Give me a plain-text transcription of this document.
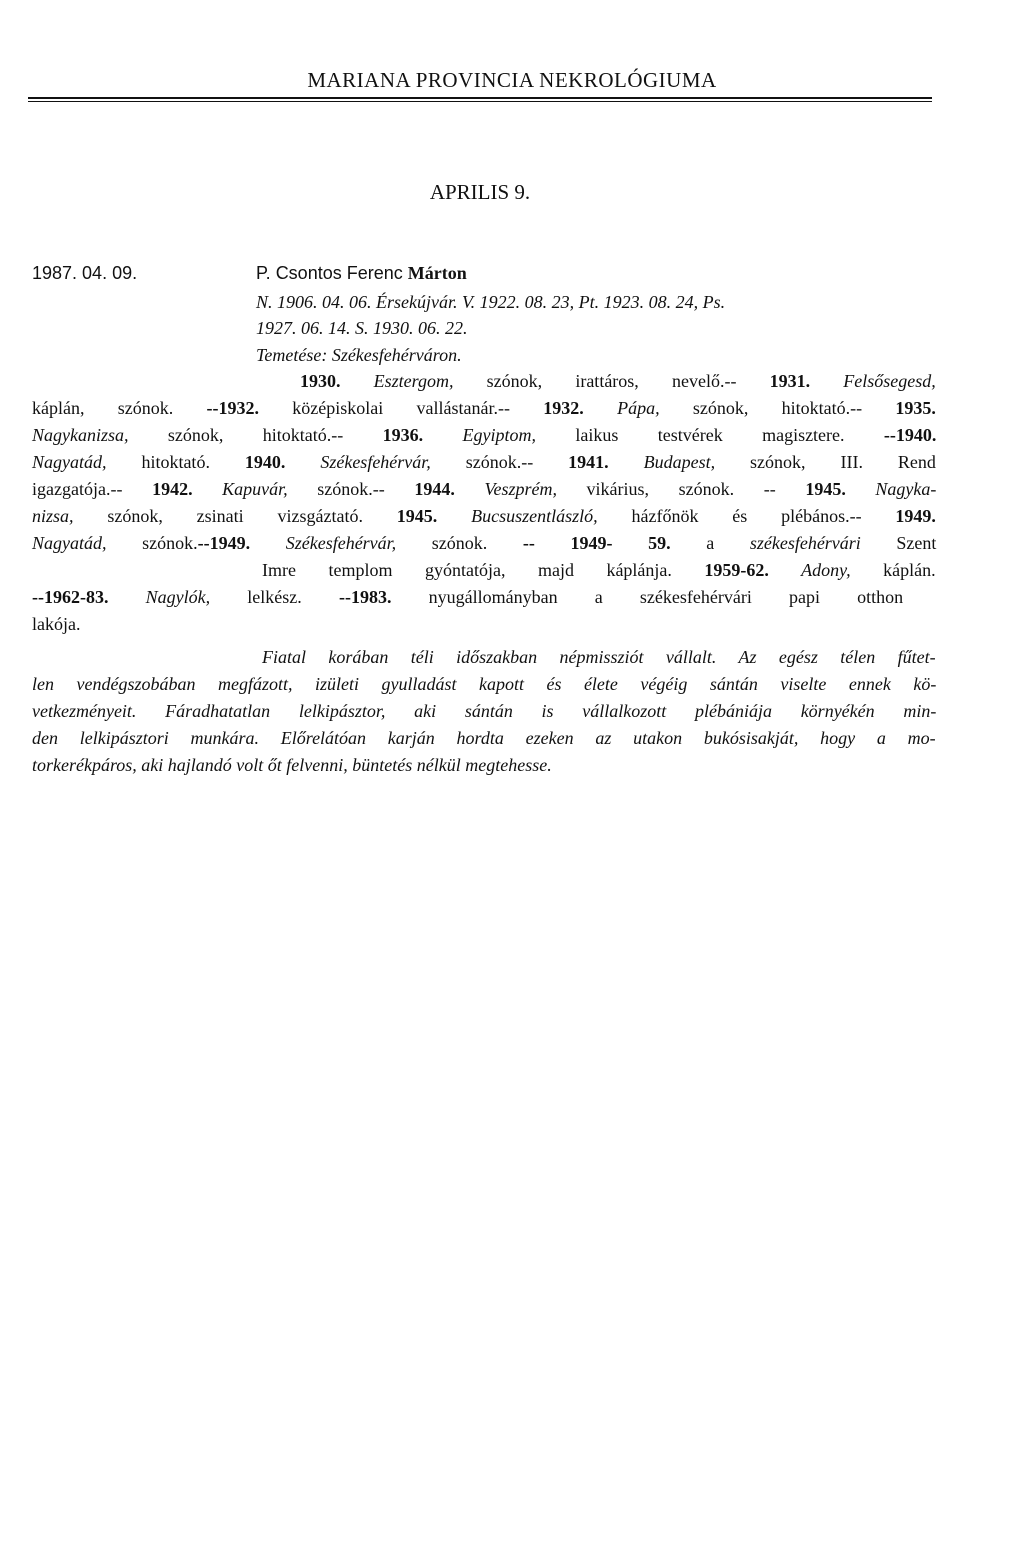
MARIANA PROVINCIA NEKROLÓGIUMA
APRILIS 9.
1987. 04. 09.	P. Csontos Ferenc Márton
N. 1906. 04. 06. Érsekújvár. V. 1922. 08. 23, Pt. 1923. 08. 24, Ps.
1927. 06. 14. S. 1930. 06. 22.
Temetése: Székesfehérváron.
1930. Esztergom, szónok, irattáros, nevelő.-- 1931. Felsősegesd,
káplán, szónok. --1932. középiskolai vallástanár.-- 1932. Pápa, szónok, hitoktató.-- 1935.
Nagykanizsa, szónok, hitoktató.-- 1936. Egyiptom, laikus testvérek magisztere. --1940.
Nagyatád, hitoktató. 1940. Székesfehérvár, szónok.-- 1941. Budapest, szónok, III. Rend
igazgatója.-- 1942. Kapuvár, szónok.-- 1944. Veszprém, vikárius, szónok. -- 1945. Nagyka-
nizsa, szónok, zsinati vizsgáztató. 1945. Bucsuszentlászló, házfőnök és plébános.-- 1949.
Nagyatád, szónok.--1949. Székesfehérvár, szónok. -- 1949- 59. a székesfehérvári Szent
Imre templom gyóntatója, majd káplánja. 1959-62. Adony, káplán.
--1962-83. Nagylók, lelkész. --1983. nyugállományban a székesfehérvári papi otthon
lakója.
Fiatal korában téli időszakban népmissziót vállalt. Az egész télen fűtet-
len vendégszobában megfázott, izületi gyulladást kapott és élete végéig sántán viselte ennek kö-
vetkezményeit. Fáradhatatlan lelkipásztor, aki sántán is vállalkozott plébániája környékén min-
den lelkipásztori munkára. Előrelátóan karján hordta ezeken az utakon bukósisakját, hogy a mo-
torkerékpáros, aki hajlandó volt őt felvenni, büntetés nélkül megtehesse.
